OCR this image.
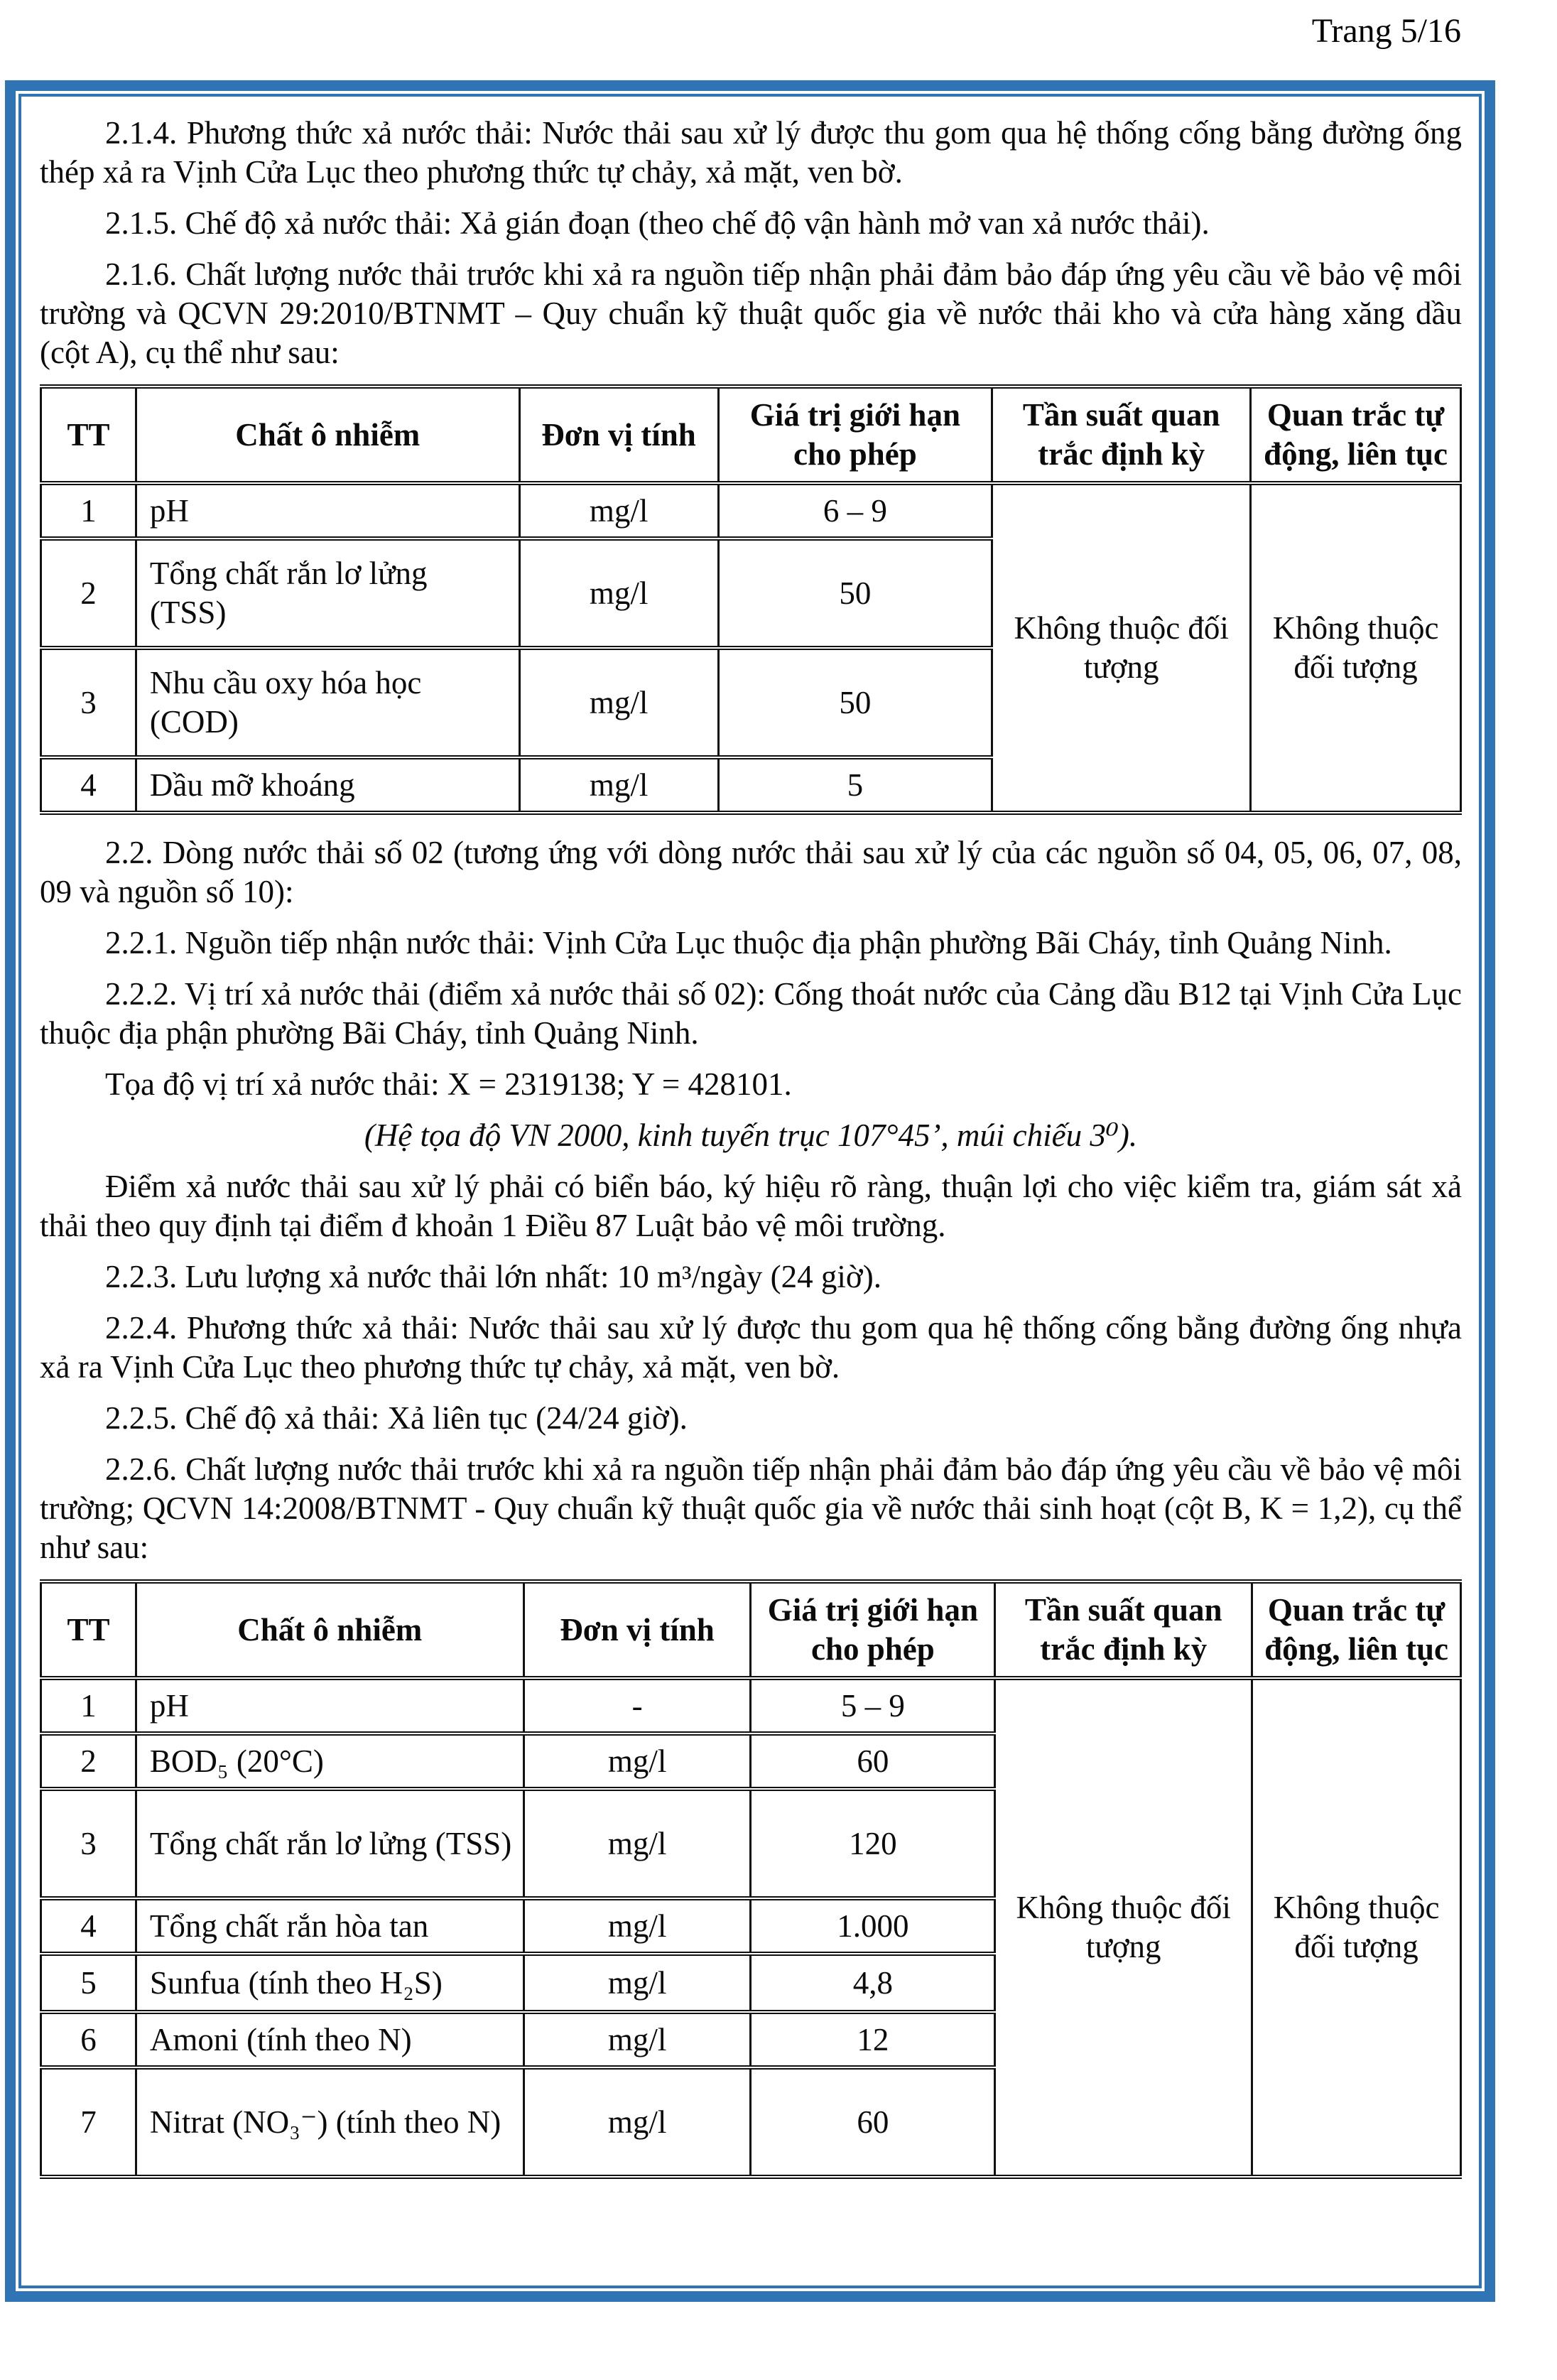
Trang 5/16

2.1.4. Phương thức xả nước thải: Nước thải sau xử lý được thu gom qua hệ thống cống bằng đường ống thép xả ra Vịnh Cửa Lục theo phương thức tự chảy, xả mặt, ven bờ.

2.1.5. Chế độ xả nước thải: Xả gián đoạn (theo chế độ vận hành mở van xả nước thải).

2.1.6. Chất lượng nước thải trước khi xả ra nguồn tiếp nhận phải đảm bảo đáp ứng yêu cầu về bảo vệ môi trường và QCVN 29:2010/BTNMT – Quy chuẩn kỹ thuật quốc gia về nước thải kho và cửa hàng xăng dầu (cột A), cụ thể như sau:

TT	Chất ô nhiễm	Đơn vị tính	Giá trị giới hạn cho phép	Tần suất quan trắc định kỳ	Quan trắc tự động, liên tục
1	pH	mg/l	6 – 9	Không thuộc đối tượng	Không thuộc đối tượng
2	Tổng chất rắn lơ lửng (TSS)	mg/l	50		
3	Nhu cầu oxy hóa học (COD)	mg/l	50		
4	Dầu mỡ khoáng	mg/l	5		

2.2. Dòng nước thải số 02 (tương ứng với dòng nước thải sau xử lý của các nguồn số 04, 05, 06, 07, 08, 09 và nguồn số 10):

2.2.1. Nguồn tiếp nhận nước thải: Vịnh Cửa Lục thuộc địa phận phường Bãi Cháy, tỉnh Quảng Ninh.

2.2.2. Vị trí xả nước thải (điểm xả nước thải số 02): Cống thoát nước của Cảng dầu B12 tại Vịnh Cửa Lục thuộc địa phận phường Bãi Cháy, tỉnh Quảng Ninh.

Tọa độ vị trí xả nước thải: X = 2319138; Y = 428101.

(Hệ tọa độ VN 2000, kinh tuyến trục 107°45’, múi chiếu 3⁰).

Điểm xả nước thải sau xử lý phải có biển báo, ký hiệu rõ ràng, thuận lợi cho việc kiểm tra, giám sát xả thải theo quy định tại điểm đ khoản 1 Điều 87 Luật bảo vệ môi trường.

2.2.3. Lưu lượng xả nước thải lớn nhất: 10 m³/ngày (24 giờ).

2.2.4. Phương thức xả thải: Nước thải sau xử lý được thu gom qua hệ thống cống bằng đường ống nhựa xả ra Vịnh Cửa Lục theo phương thức tự chảy, xả mặt, ven bờ.

2.2.5. Chế độ xả thải: Xả liên tục (24/24 giờ).

2.2.6. Chất lượng nước thải trước khi xả ra nguồn tiếp nhận phải đảm bảo đáp ứng yêu cầu về bảo vệ môi trường; QCVN 14:2008/BTNMT - Quy chuẩn kỹ thuật quốc gia về nước thải sinh hoạt (cột B, K = 1,2), cụ thể như sau:

TT	Chất ô nhiễm	Đơn vị tính	Giá trị giới hạn cho phép	Tần suất quan trắc định kỳ	Quan trắc tự động, liên tục
1	pH	-	5 – 9	Không thuộc đối tượng	Không thuộc đối tượng
2	BOD₅ (20°C)	mg/l	60		
3	Tổng chất rắn lơ lửng (TSS)	mg/l	120		
4	Tổng chất rắn hòa tan	mg/l	1.000		
5	Sunfua (tính theo H₂S)	mg/l	4,8		
6	Amoni (tính theo N)	mg/l	12		
7	Nitrat (NO₃⁻) (tính theo N)	mg/l	60		
